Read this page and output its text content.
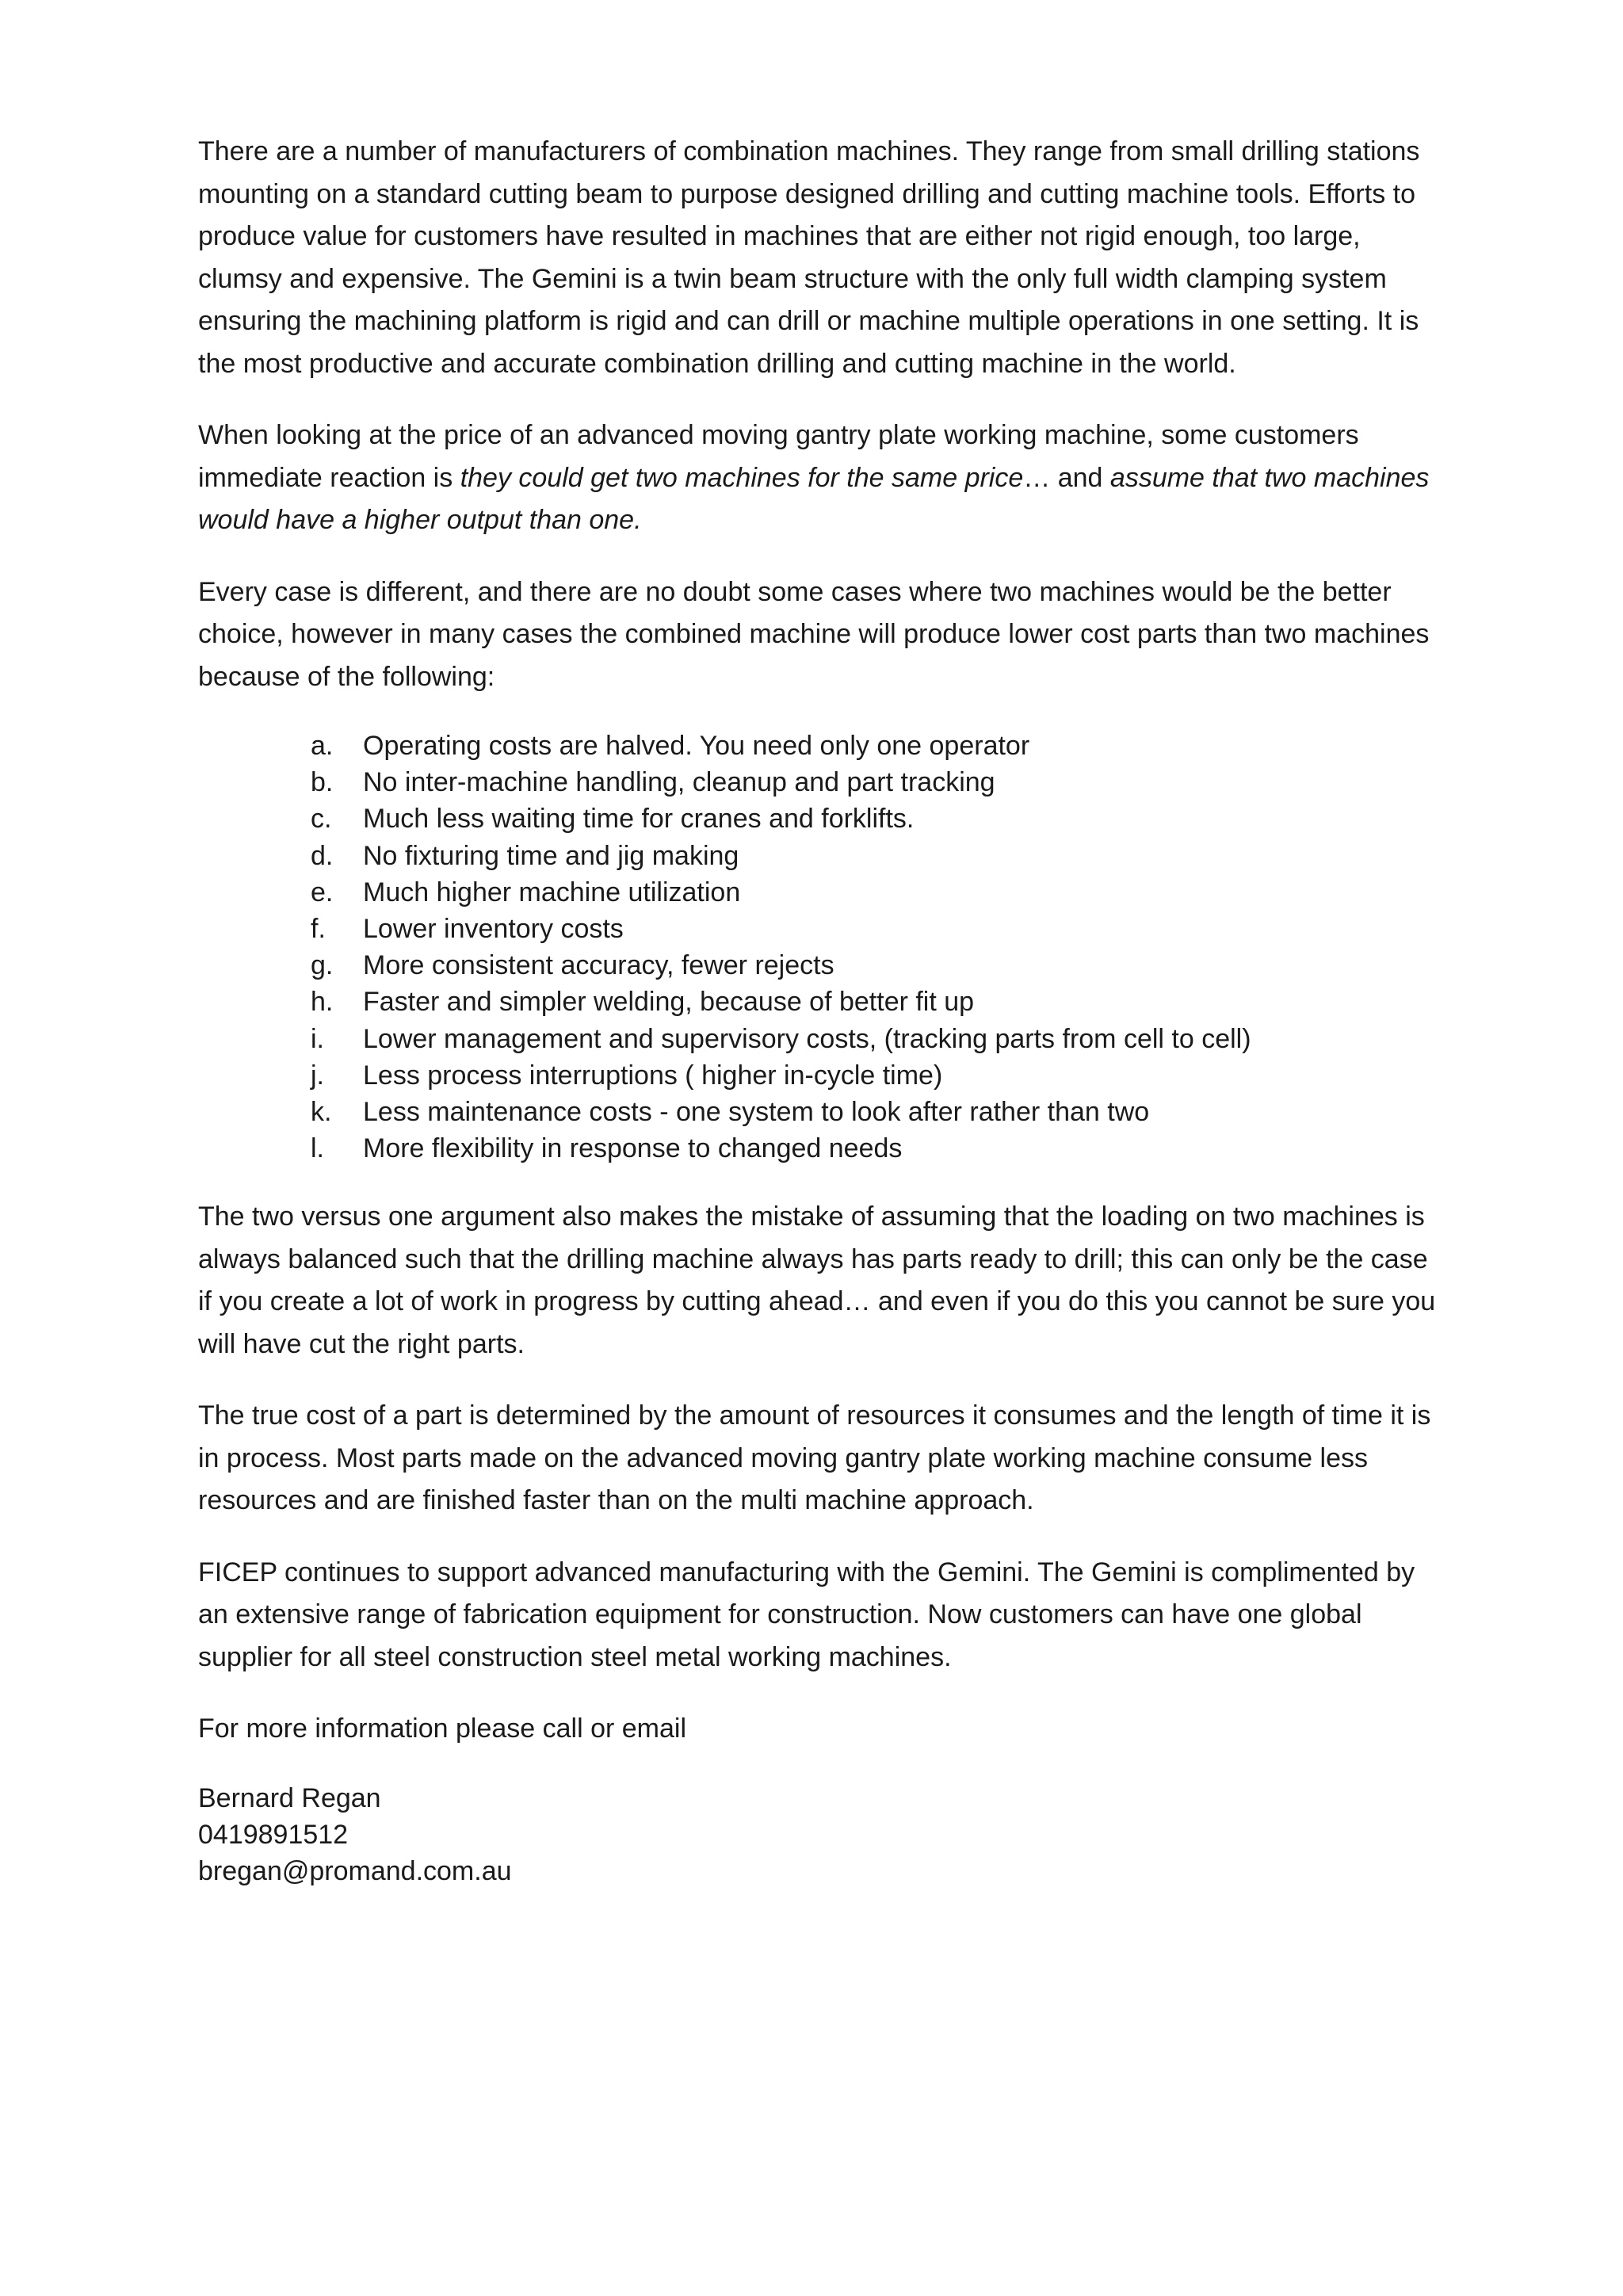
There are a number of manufacturers of combination machines. They range from small drilling stations mounting on a standard cutting beam to purpose designed drilling and cutting machine tools. Efforts to produce value for customers have resulted in machines that are either not rigid enough, too large, clumsy and expensive. The Gemini is a twin beam structure with the only full width clamping system ensuring the machining platform is rigid and can drill or machine multiple operations in one setting. It is the most productive and accurate combination drilling and cutting machine in the world.

When looking at the price of an advanced moving gantry plate working machine, some customers immediate reaction is they could get two machines for the same price… and assume that two machines would have a higher output than one.

Every case is different, and there are no doubt some cases where two machines would be the better choice, however in many cases the combined machine will produce lower cost parts than two machines because of the following:

a.	Operating costs are halved. You need only one operator
b.	No inter-machine handling, cleanup and part tracking
c.	Much less waiting time for cranes and forklifts.
d.	No fixturing time and jig making
e.	Much higher machine utilization
f.	Lower inventory costs
g.	More consistent accuracy, fewer rejects
h.	Faster and simpler welding, because of better fit up
i.	Lower management and supervisory costs, (tracking parts from cell to cell)
j.	Less process interruptions ( higher in-cycle time)
k.	Less maintenance costs - one system to look after rather than two
l.	More flexibility in response to changed needs

The two versus one argument also makes the mistake of assuming that the loading on two machines is always balanced such that the drilling machine always has parts ready to drill; this can only be the case if you create a lot of work in progress by cutting ahead… and even if you do this you cannot be sure you will have cut the right parts.

The true cost of a part is determined by the amount of resources it consumes and the length of time it is in process. Most parts made on the advanced moving gantry plate working machine consume less resources and are finished faster than on the multi machine approach.

FICEP continues to support advanced manufacturing with the Gemini. The Gemini is complimented by an extensive range of fabrication equipment for construction. Now customers can have one global supplier for all steel construction steel metal working machines.

For more information please call or email

Bernard Regan
0419891512
bregan@promand.com.au
